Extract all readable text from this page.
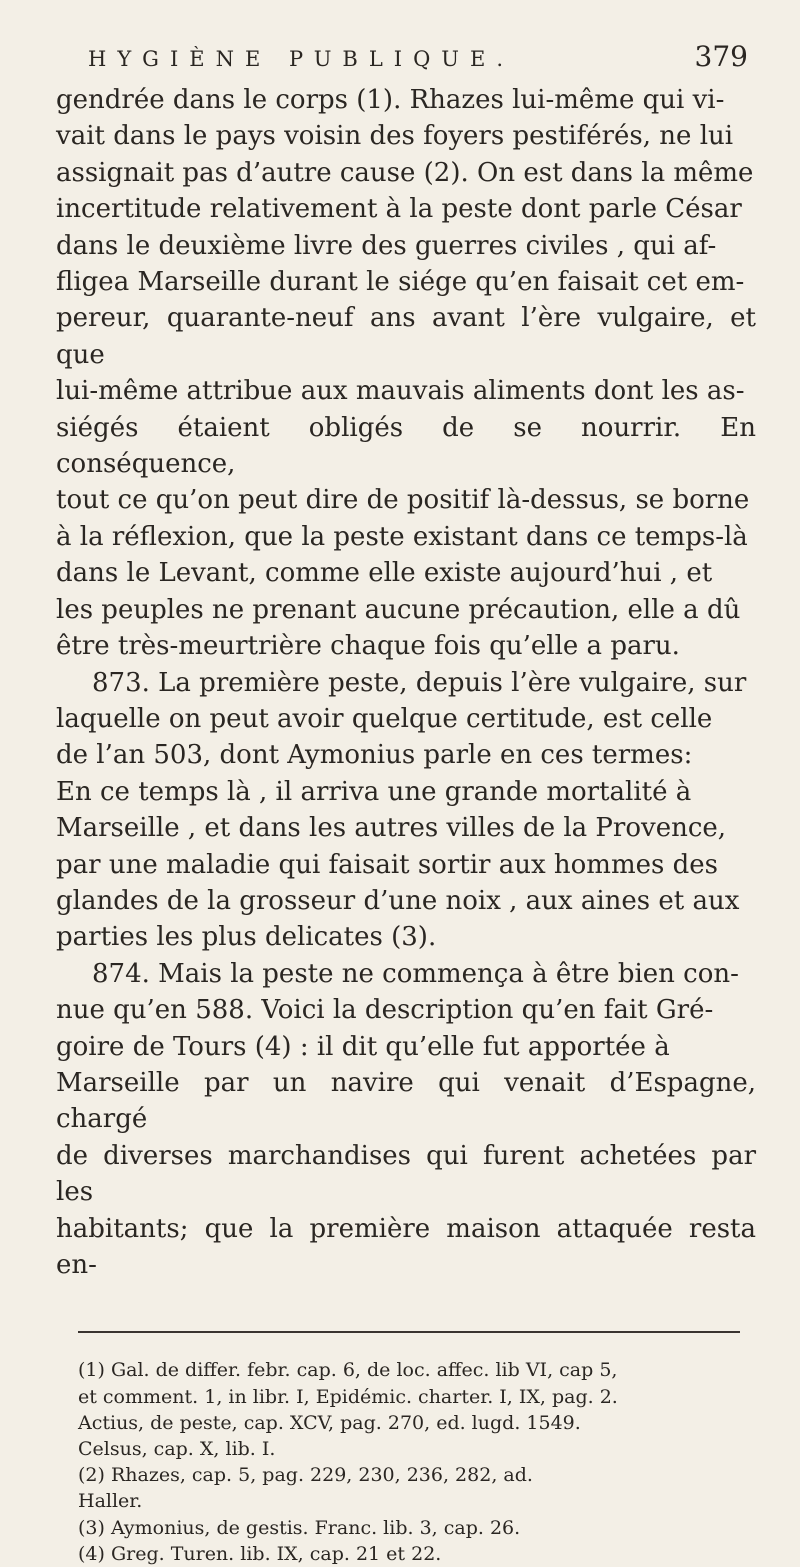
HYGIÈNE PUBLIQUE.	379
gendrée dans le corps (1). Rhazes lui-même qui vi-
vait dans le pays voisin des foyers pestiférés, ne lui
assignait pas d’autre cause (2). On est dans la même
incertitude relativement à la peste dont parle César
dans le deuxième livre des guerres civiles , qui af-
fligea Marseille durant le siége qu’en faisait cet em-
pereur, quarante-neuf ans avant l’ère vulgaire, et que
lui-même attribue aux mauvais aliments dont les as-
siégés étaient obligés de se nourrir. En conséquence,
tout ce qu’on peut dire de positif là-dessus, se borne
à la réflexion, que la peste existant dans ce temps-là
dans le Levant, comme elle existe aujourd’hui , et
les peuples ne prenant aucune précaution, elle a dû
être très-meurtrière chaque fois qu’elle a paru.
873. La première peste, depuis l’ère vulgaire, sur
laquelle on peut avoir quelque certitude, est celle
de l’an 503, dont Aymonius parle en ces termes:
En ce temps là , il arriva une grande mortalité à
Marseille , et dans les autres villes de la Provence,
par une maladie qui faisait sortir aux hommes des
glandes de la grosseur d’une noix , aux aines et aux
parties les plus delicates (3).
874. Mais la peste ne commença à être bien con-
nue qu’en 588. Voici la description qu’en fait Gré-
goire de Tours (4) : il dit qu’elle fut apportée à
Marseille par un navire qui venait d’Espagne, chargé
de diverses marchandises qui furent achetées par les
habitants; que la première maison attaquée resta en-
(1) Gal. de differ. febr. cap. 6, de loc. affec. lib VI, cap 5,
et comment. 1, in libr. I, Epidémic. charter. I, IX, pag. 2.
Actius, de peste, cap. XCV, pag. 270, ed. lugd. 1549.
Celsus, cap. X, lib. I.
(2) Rhazes, cap. 5, pag. 229, 230, 236, 282, ad.
Haller.
(3) Aymonius, de gestis. Franc. lib. 3, cap. 26.
(4) Greg. Turen. lib. IX, cap. 21 et 22.
